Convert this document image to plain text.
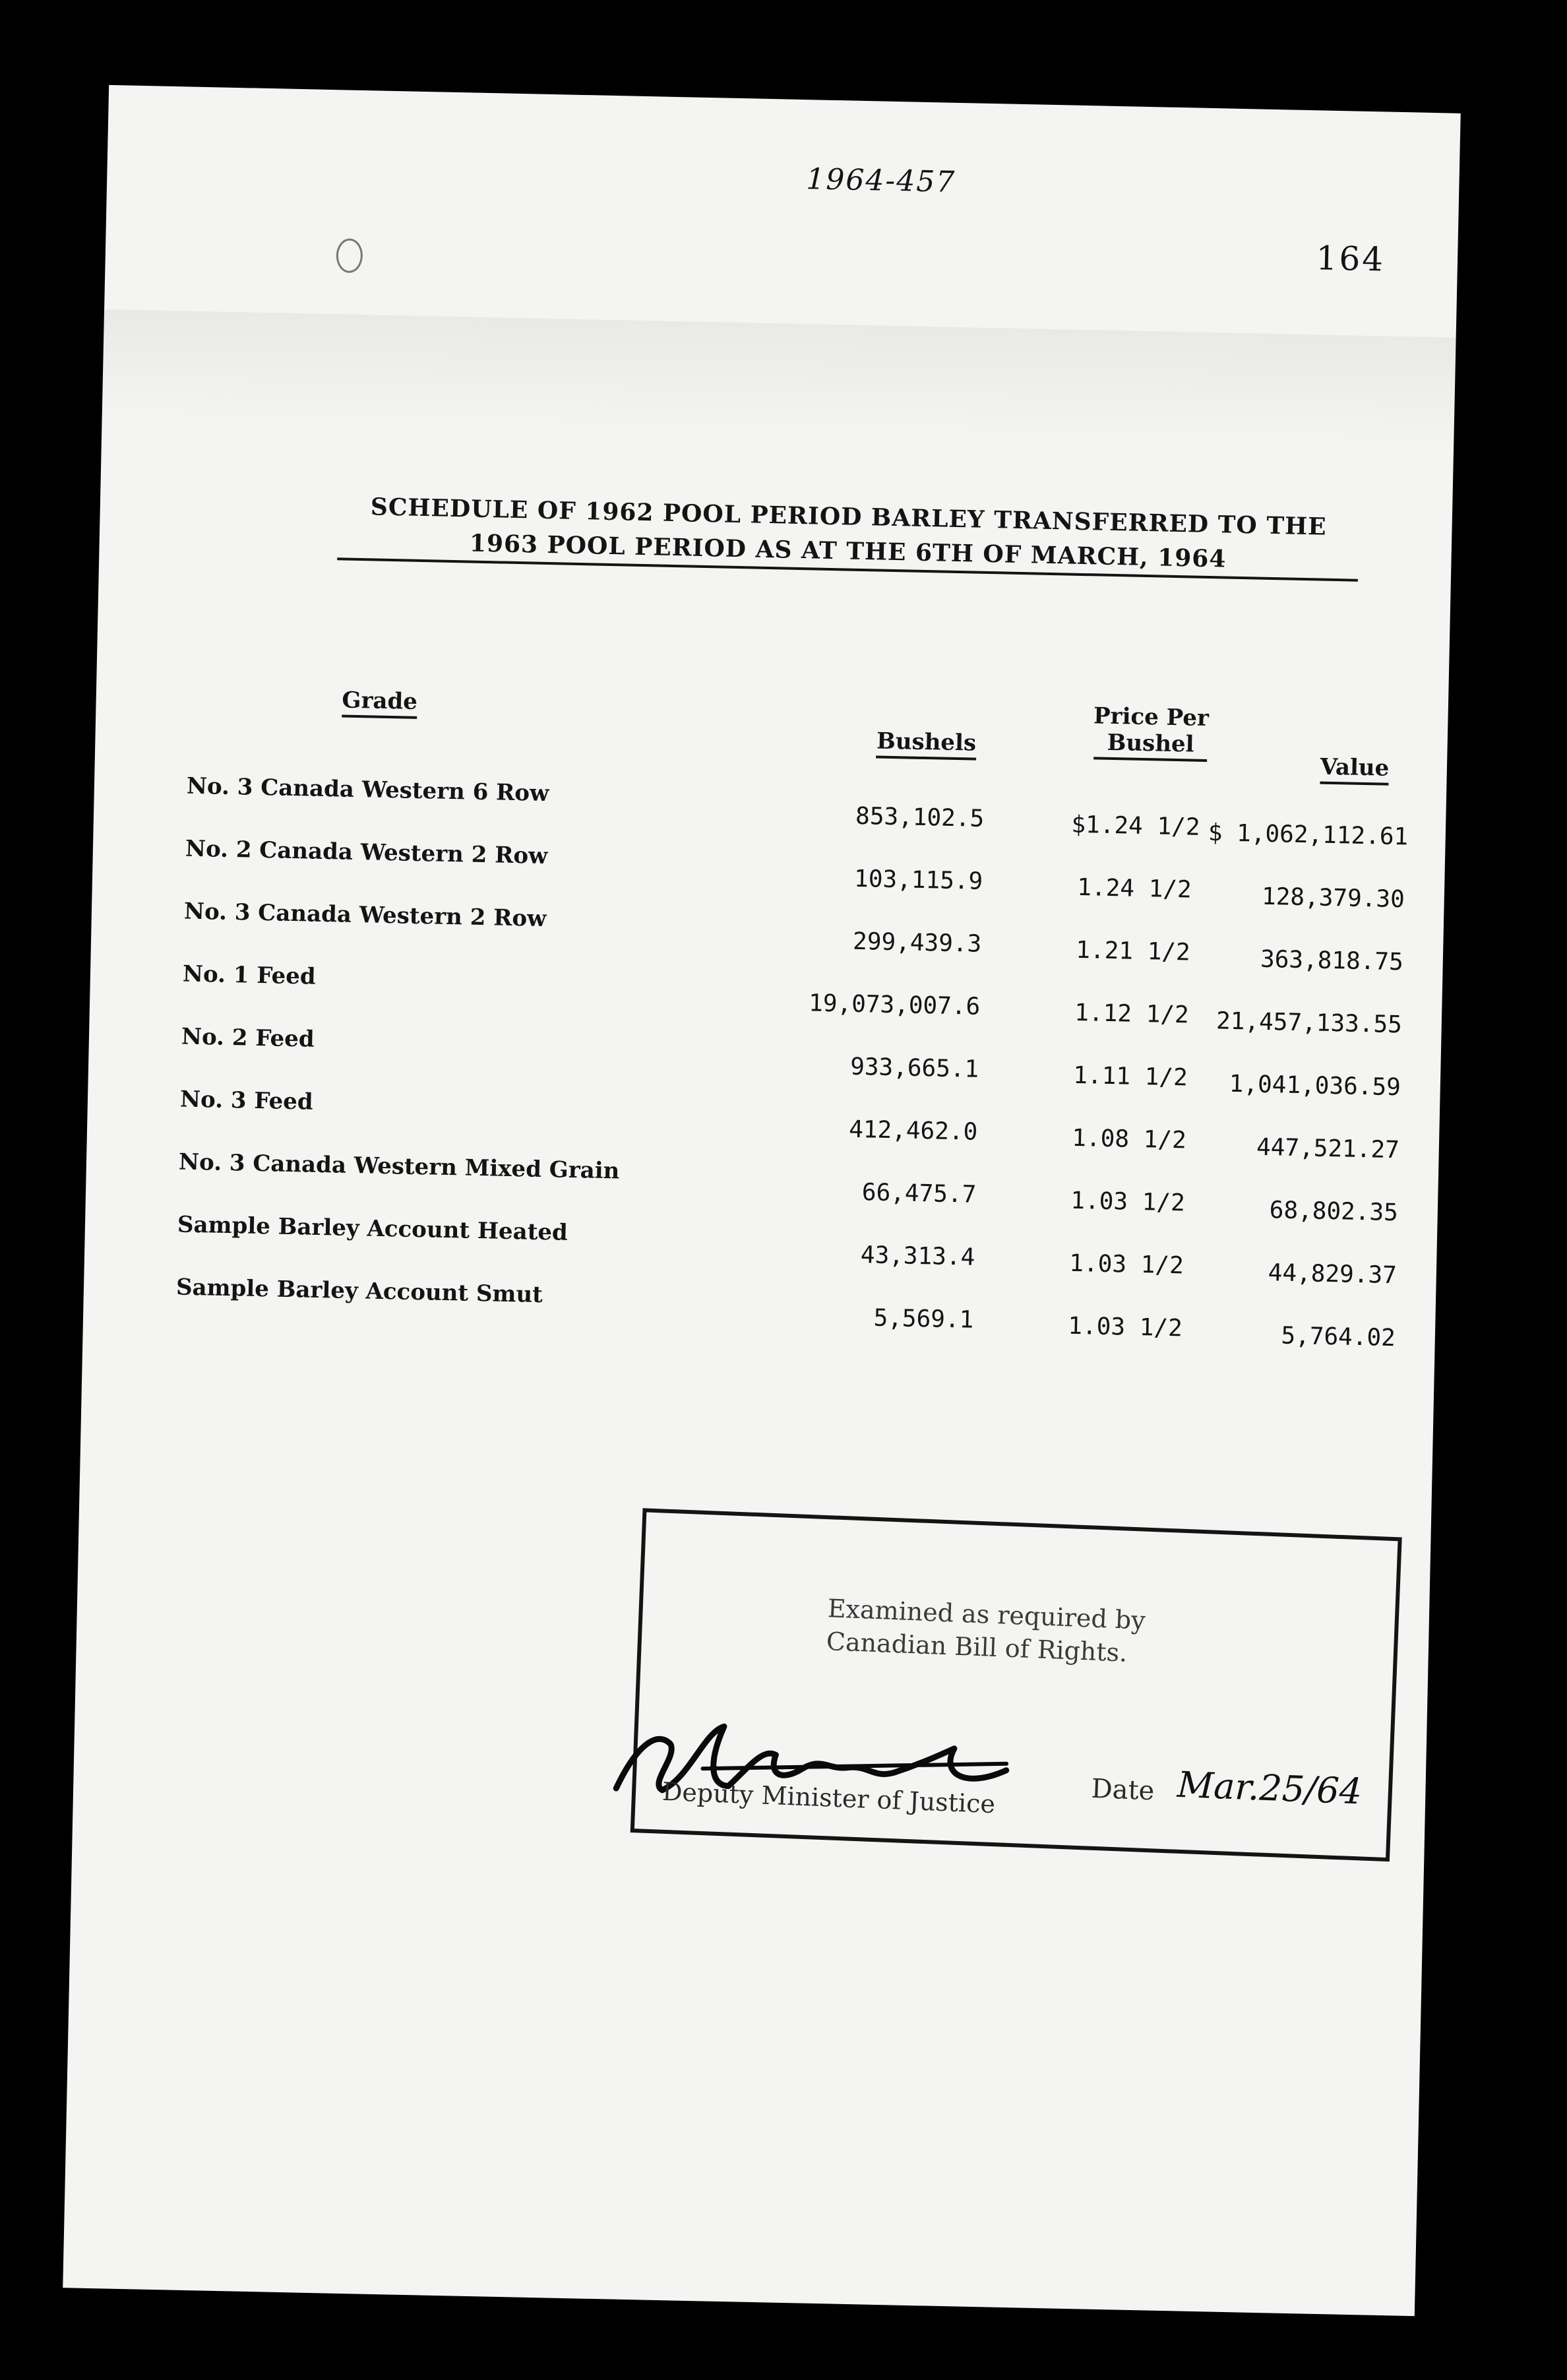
1964-457
164
SCHEDULE OF 1962 POOL PERIOD BARLEY TRANSFERRED TO THE
1963 POOL PERIOD AS AT THE 6TH OF MARCH, 1964
Grade
Bushels
Price Per
Bushel
Value
No. 3 Canada Western 6 Row
853,102.5	$1.24 1/2 $ 1,062,112.61
No. 2 Canada Western 2 Row
103,115.9	1.24 1/2	128,379.30
No. 3 Canada Western 2 Row
299,439.3	1.21 1/2	363,818.75
No. 1 Feed
19,073,007.6	1.12 1/2	21,457,133.55
No. 2 Feed
933,665.1	1.11 1/2	1,041,036.59
No. 3 Feed
412,462.0	1.08 1/2	447,521.27
No. 3 Canada Western Mixed Grain
66,475.7	1.03 1/2	68,802.35
Sample Barley Account Heated
43,313.4	1.03 1/2	44,829.37
Sample Barley Account Smut
5,569.1	1.03 1/2	5,764.02
Examined as required by
Canadian Bill of Rights.
Deputy Minister of Justice	Date Mar.25/64
